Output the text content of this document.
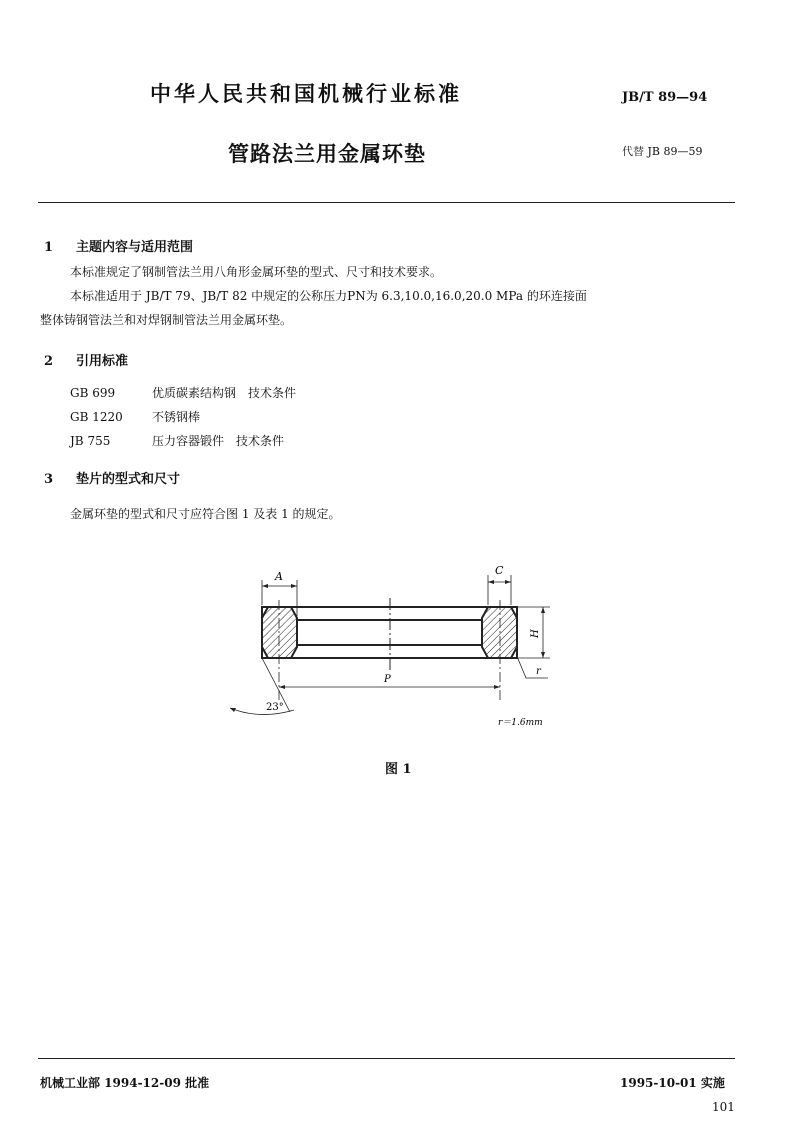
中华人民共和国机械行业标准	JB/T 89—94
管路法兰用金属环垫	代替 JB 89—59
1 主题内容与适用范围
本标准规定了钢制管法兰用八角形金属环垫的型式、尺寸和技术要求。
本标准适用于 JB/T 79、JB/T 82 中规定的公称压力PN为 6.3,10.0,16.0,20.0 MPa 的环连接面
整体铸钢管法兰和对焊钢制管法兰用金属环垫。
2 引用标准
GB 699	优质碳素结构钢　技术条件
GB 1220 不锈钢棒
JB 755	压力容器锻件　技术条件
3 垫片的型式和尺寸
金属环垫的型式和尺寸应符合图 1 及表 1 的规定。
A	C
H
P
r
23°
r＝1.6mm
图 1
机械工业部 1994-12-09 批准	1995-10-01 实施
101
